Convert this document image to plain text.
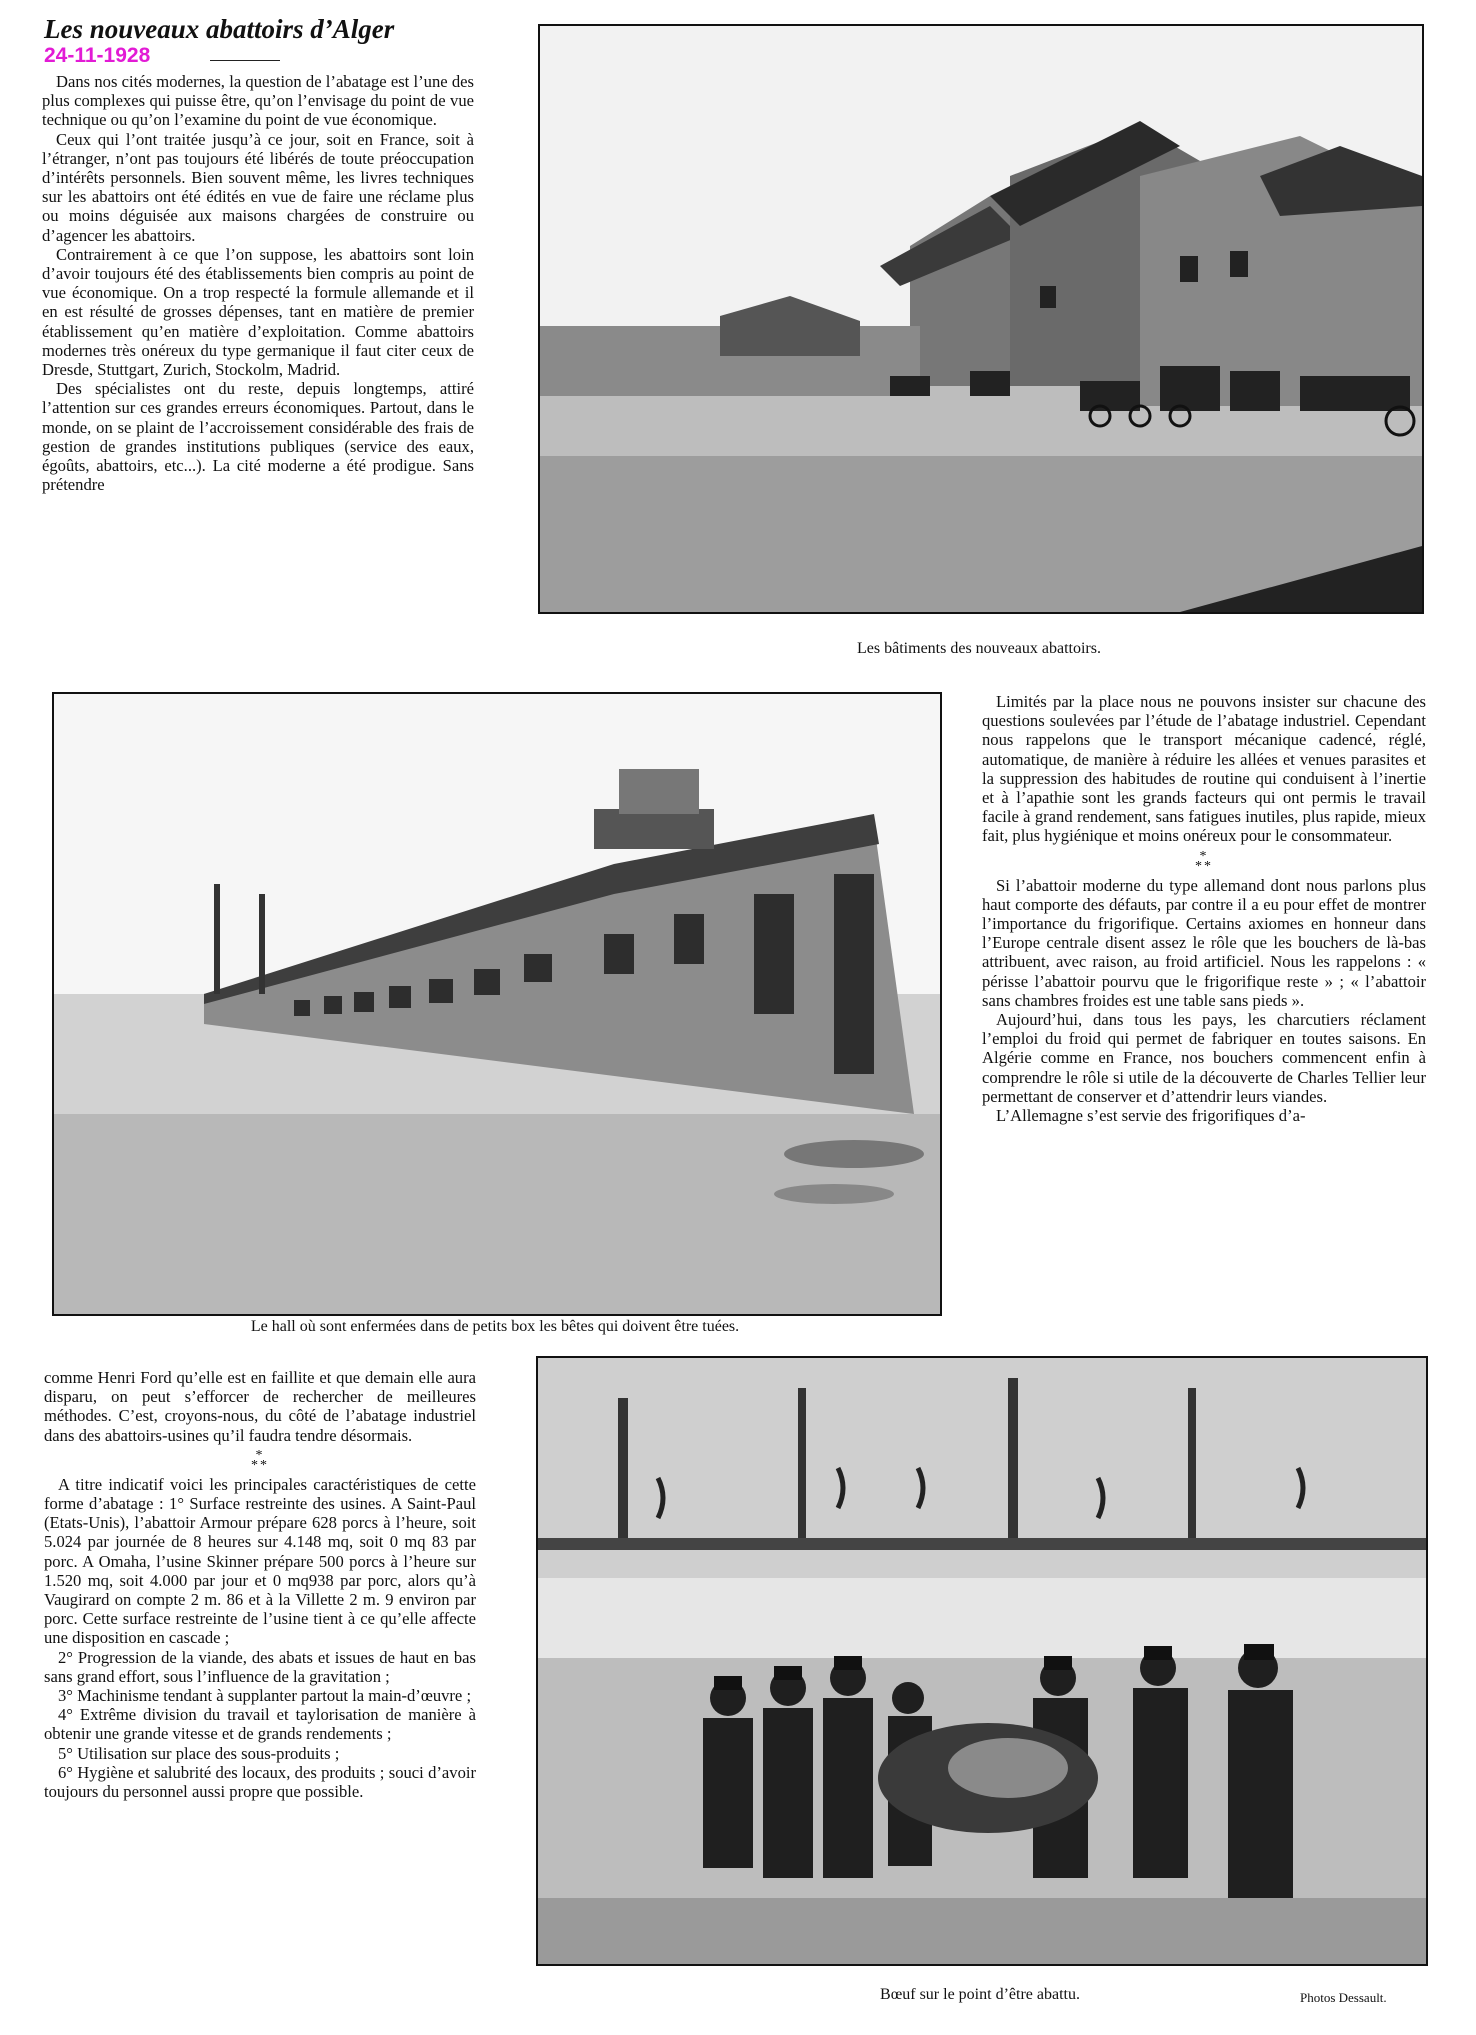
Les nouveaux abattoirs d’Alger
24-11-1928

Dans nos cités modernes, la question de l’abatage est l’une des plus complexes qui puisse être, qu’on l’envisage du point de vue technique ou qu’on l’examine du point de vue économique.

Ceux qui l’ont traitée jusqu’à ce jour, soit en France, soit à l’étranger, n’ont pas toujours été libérés de toute préoccupation d’intérêts personnels. Bien souvent même, les livres techniques sur les abattoirs ont été édités en vue de faire une réclame plus ou moins déguisée aux maisons chargées de construire ou d’agencer les abattoirs.

Contrairement à ce que l’on suppose, les abattoirs sont loin d’avoir toujours été des établissements bien compris au point de vue économique. On a trop respecté la formule allemande et il en est résulté de grosses dépenses, tant en matière de premier établissement qu’en matière d’exploitation. Comme abattoirs modernes très onéreux du type germanique il faut citer ceux de Dresde, Stuttgart, Zurich, Stockolm, Madrid.

Des spécialistes ont du reste, depuis longtemps, attiré l’attention sur ces grandes erreurs économiques. Partout, dans le monde, on se plaint de l’accroissement considérable des frais de gestion de grandes institutions publiques (service des eaux, égoûts, abattoirs, etc...). La cité moderne a été prodigue. Sans prétendre

Les bâtiments des nouveaux abattoirs.
Le hall où sont enfermées dans de petits box les bêtes qui doivent être tuées.

Limités par la place nous ne pouvons insister sur chacune des questions soulevées par l’étude de l’abatage industriel. Cependant nous rappelons que le transport mécanique cadencé, réglé, automatique, de manière à réduire les allées et venues parasites et la suppression des habitudes de routine qui conduisent à l’inertie et à l’apathie sont les grands facteurs qui ont permis le travail facile à grand rendement, sans fatigues inutiles, plus rapide, mieux fait, plus hygiénique et moins onéreux pour le consommateur.

*
**

Si l’abattoir moderne du type allemand dont nous parlons plus haut comporte des défauts, par contre il a eu pour effet de montrer l’importance du frigorifique. Certains axiomes en honneur dans l’Europe centrale disent assez le rôle que les bouchers de là-bas attribuent, avec raison, au froid artificiel. Nous les rappelons : « périsse l’abattoir pourvu que le frigorifique reste » ; « l’abattoir sans chambres froides est une table sans pieds ».

Aujourd’hui, dans tous les pays, les charcutiers réclament l’emploi du froid qui permet de fabriquer en toutes saisons. En Algérie comme en France, nos bouchers commencent enfin à comprendre le rôle si utile de la découverte de Charles Tellier leur permettant de conserver et d’attendrir leurs viandes.

L’Allemagne s’est servie des frigorifiques d’a-

comme Henri Ford qu’elle est en faillite et que demain elle aura disparu, on peut s’efforcer de rechercher de meilleures méthodes. C’est, croyons-nous, du côté de l’abatage industriel dans des abattoirs-usines qu’il faudra tendre désormais.

*
**

A titre indicatif voici les principales caractéristiques de cette forme d’abatage : 1° Surface restreinte des usines. A Saint-Paul (Etats-Unis), l’abattoir Armour prépare 628 porcs à l’heure, soit 5.024 par journée de 8 heures sur 4.148 mq, soit 0 mq 83 par porc. A Omaha, l’usine Skinner prépare 500 porcs à l’heure sur 1.520 mq, soit 4.000 par jour et 0 mq938 par porc, alors qu’à Vaugirard on compte 2 m. 86 et à la Villette 2 m. 9 environ par porc. Cette surface restreinte de l’usine tient à ce qu’elle affecte une disposition en cascade ;

2° Progression de la viande, des abats et issues de haut en bas sans grand effort, sous l’influence de la gravitation ;

3° Machinisme tendant à supplanter partout la main-d’œuvre ;

4° Extrême division du travail et taylorisation de manière à obtenir une grande vitesse et de grands rendements ;

5° Utilisation sur place des sous-produits ;

6° Hygiène et salubrité des locaux, des produits ; souci d’avoir toujours du personnel aussi propre que possible.

Bœuf sur le point d’être abattu.	Photos Dessault.
